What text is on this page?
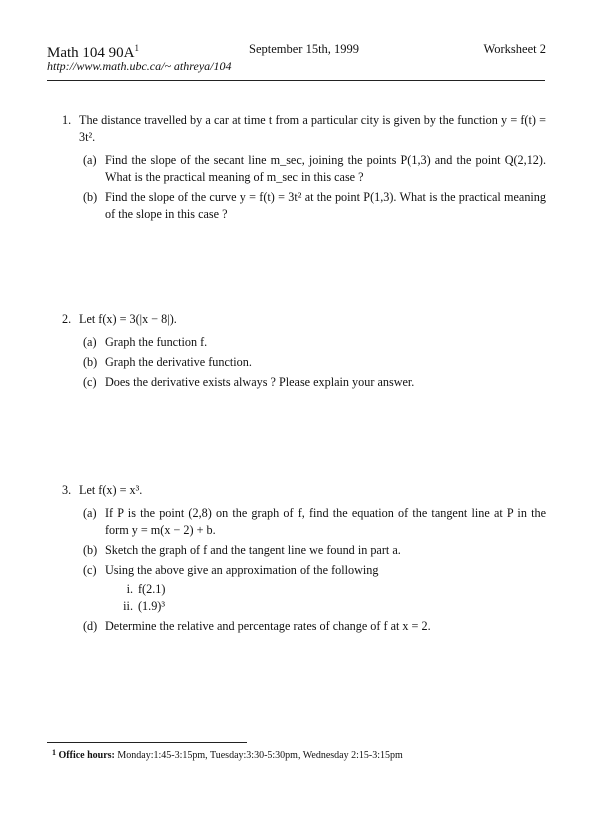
Math 104 $90A^1$	September 15th, 1999	Worksheet 2
http://www.math.ubc.ca/~ athreya/104
1. The distance travelled by a car at time t from a particular city is given by the function y = f(t) = 3t².
(a) Find the slope of the secant line m_sec, joining the points P(1,3) and the point Q(2,12). What is the practical meaning of m_sec in this case ?
(b) Find the slope of the curve y = f(t) = 3t² at the point P(1,3). What is the practical meaning of the slope in this case ?
2. Let f(x) = 3(|x − 8|).
(a) Graph the function f.
(b) Graph the derivative function.
(c) Does the derivative exists always ? Please explain your answer.
3. Let f(x) = x³.
(a) If P is the point (2,8) on the graph of f, find the equation of the tangent line at P in the form y = m(x − 2) + b.
(b) Sketch the graph of f and the tangent line we found in part a.
(c) Using the above give an approximation of the following
i. f(2.1)
ii. (1.9)³
(d) Determine the relative and percentage rates of change of f at x = 2.
$^1$ Office hours: Monday:1:45-3:15pm, Tuesday:3:30-5:30pm, Wednesday 2:15-3:15pm
